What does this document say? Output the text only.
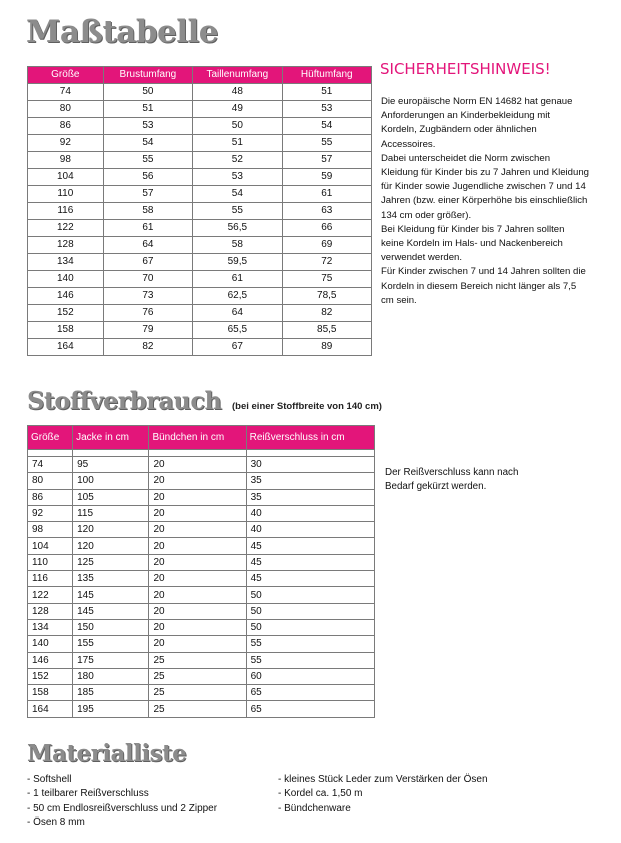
Maßtabelle
Größe	Brustumfang	Taillenumfang	Hüftumfang
74	50	48	51
80	51	49	53
86	53	50	54
92	54	51	55
98	55	52	57
104	56	53	59
110	57	54	61
116	58	55	63
122	61	56,5	66
128	64	58	69
134	67	59,5	72
140	70	61	75
146	73	62,5	78,5
152	76	64	82
158	79	65,5	85,5
164	82	67	89
SICHERHEITSHINWEIS!

Die europäische Norm EN 14682 hat genaue
Anforderungen an Kinderbekleidung mit
Kordeln, Zugbändern oder ähnlichen
Accessoires.
Dabei unterscheidet die Norm zwischen
Kleidung für Kinder bis zu 7 Jahren und Kleidung
für Kinder sowie Jugendliche zwischen 7 und 14
Jahren (bzw. einer Körperhöhe bis einschließlich
134 cm oder größer).
Bei Kleidung für Kinder bis 7 Jahren sollten
keine Kordeln im Hals- und Nackenbereich
verwendet werden.
Für Kinder zwischen 7 und 14 Jahren sollten die
Kordeln in diesem Bereich nicht länger als 7,5
cm sein.

Stoffverbrauch (bei einer Stoffbreite von 140 cm)
Größe	Jacke in cm	Bündchen in cm	Reißverschluss in cm

74	95	20	30
80	100	20	35
86	105	20	35
92	115	20	40
98	120	20	40
104	120	20	45
110	125	20	45
116	135	20	45
122	145	20	50
128	145	20	50
134	150	20	50
140	155	20	55
146	175	25	55
152	180	25	60
158	185	25	65
164	195	25	65

Der Reißverschluss kann nach
Bedarf gekürzt werden.

Materialliste
- Softshell
- 1 teilbarer Reißverschluss
- 50 cm Endlosreißverschluss und 2 Zipper
- Ösen 8 mm
- kleines Stück Leder zum Verstärken der Ösen
- Kordel ca. 1,50 m
- Bündchenware
